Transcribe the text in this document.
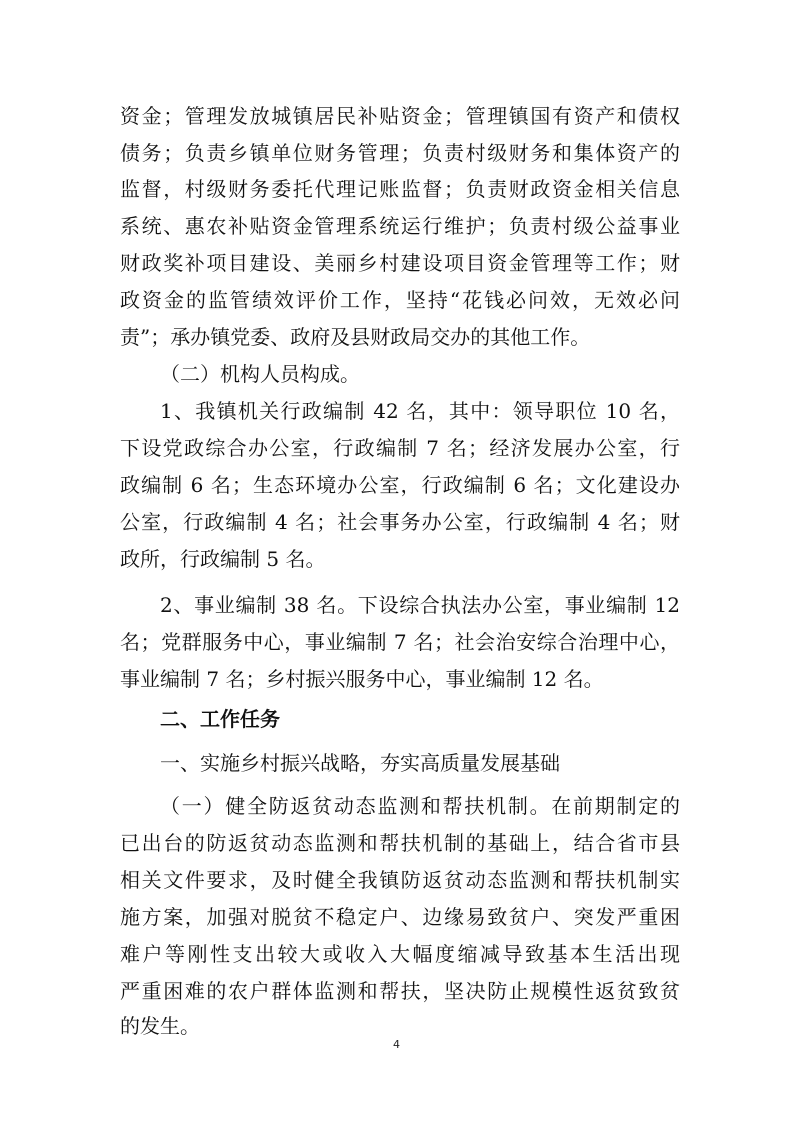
资金；管理发放城镇居民补贴资金；管理镇国有资产和债权
债务；负责乡镇单位财务管理；负责村级财务和集体资产的
监督，村级财务委托代理记账监督；负责财政资金相关信息
系统、惠农补贴资金管理系统运行维护；负责村级公益事业
财政奖补项目建设、美丽乡村建设项目资金管理等工作；财
政资金的监管绩效评价工作，坚持“花钱必问效，无效必问
责”；承办镇党委、政府及县财政局交办的其他工作。
（二）机构人员构成。
1、我镇机关行政编制 42 名，其中：领导职位 10 名，
下设党政综合办公室，行政编制 7 名；经济发展办公室，行
政编制 6 名；生态环境办公室，行政编制 6 名；文化建设办
公室，行政编制 4 名；社会事务办公室，行政编制 4 名；财
政所，行政编制 5 名。
2、事业编制 38 名。下设综合执法办公室，事业编制 12
名；党群服务中心，事业编制 7 名；社会治安综合治理中心，
事业编制 7 名；乡村振兴服务中心，事业编制 12 名。
二、工作任务
一、实施乡村振兴战略，夯实高质量发展基础
（一）健全防返贫动态监测和帮扶机制。在前期制定的
已出台的防返贫动态监测和帮扶机制的基础上，结合省市县
相关文件要求，及时健全我镇防返贫动态监测和帮扶机制实
施方案，加强对脱贫不稳定户、边缘易致贫户、突发严重困
难户等刚性支出较大或收入大幅度缩减导致基本生活出现
严重困难的农户群体监测和帮扶，坚决防止规模性返贫致贫
的发生。
4
